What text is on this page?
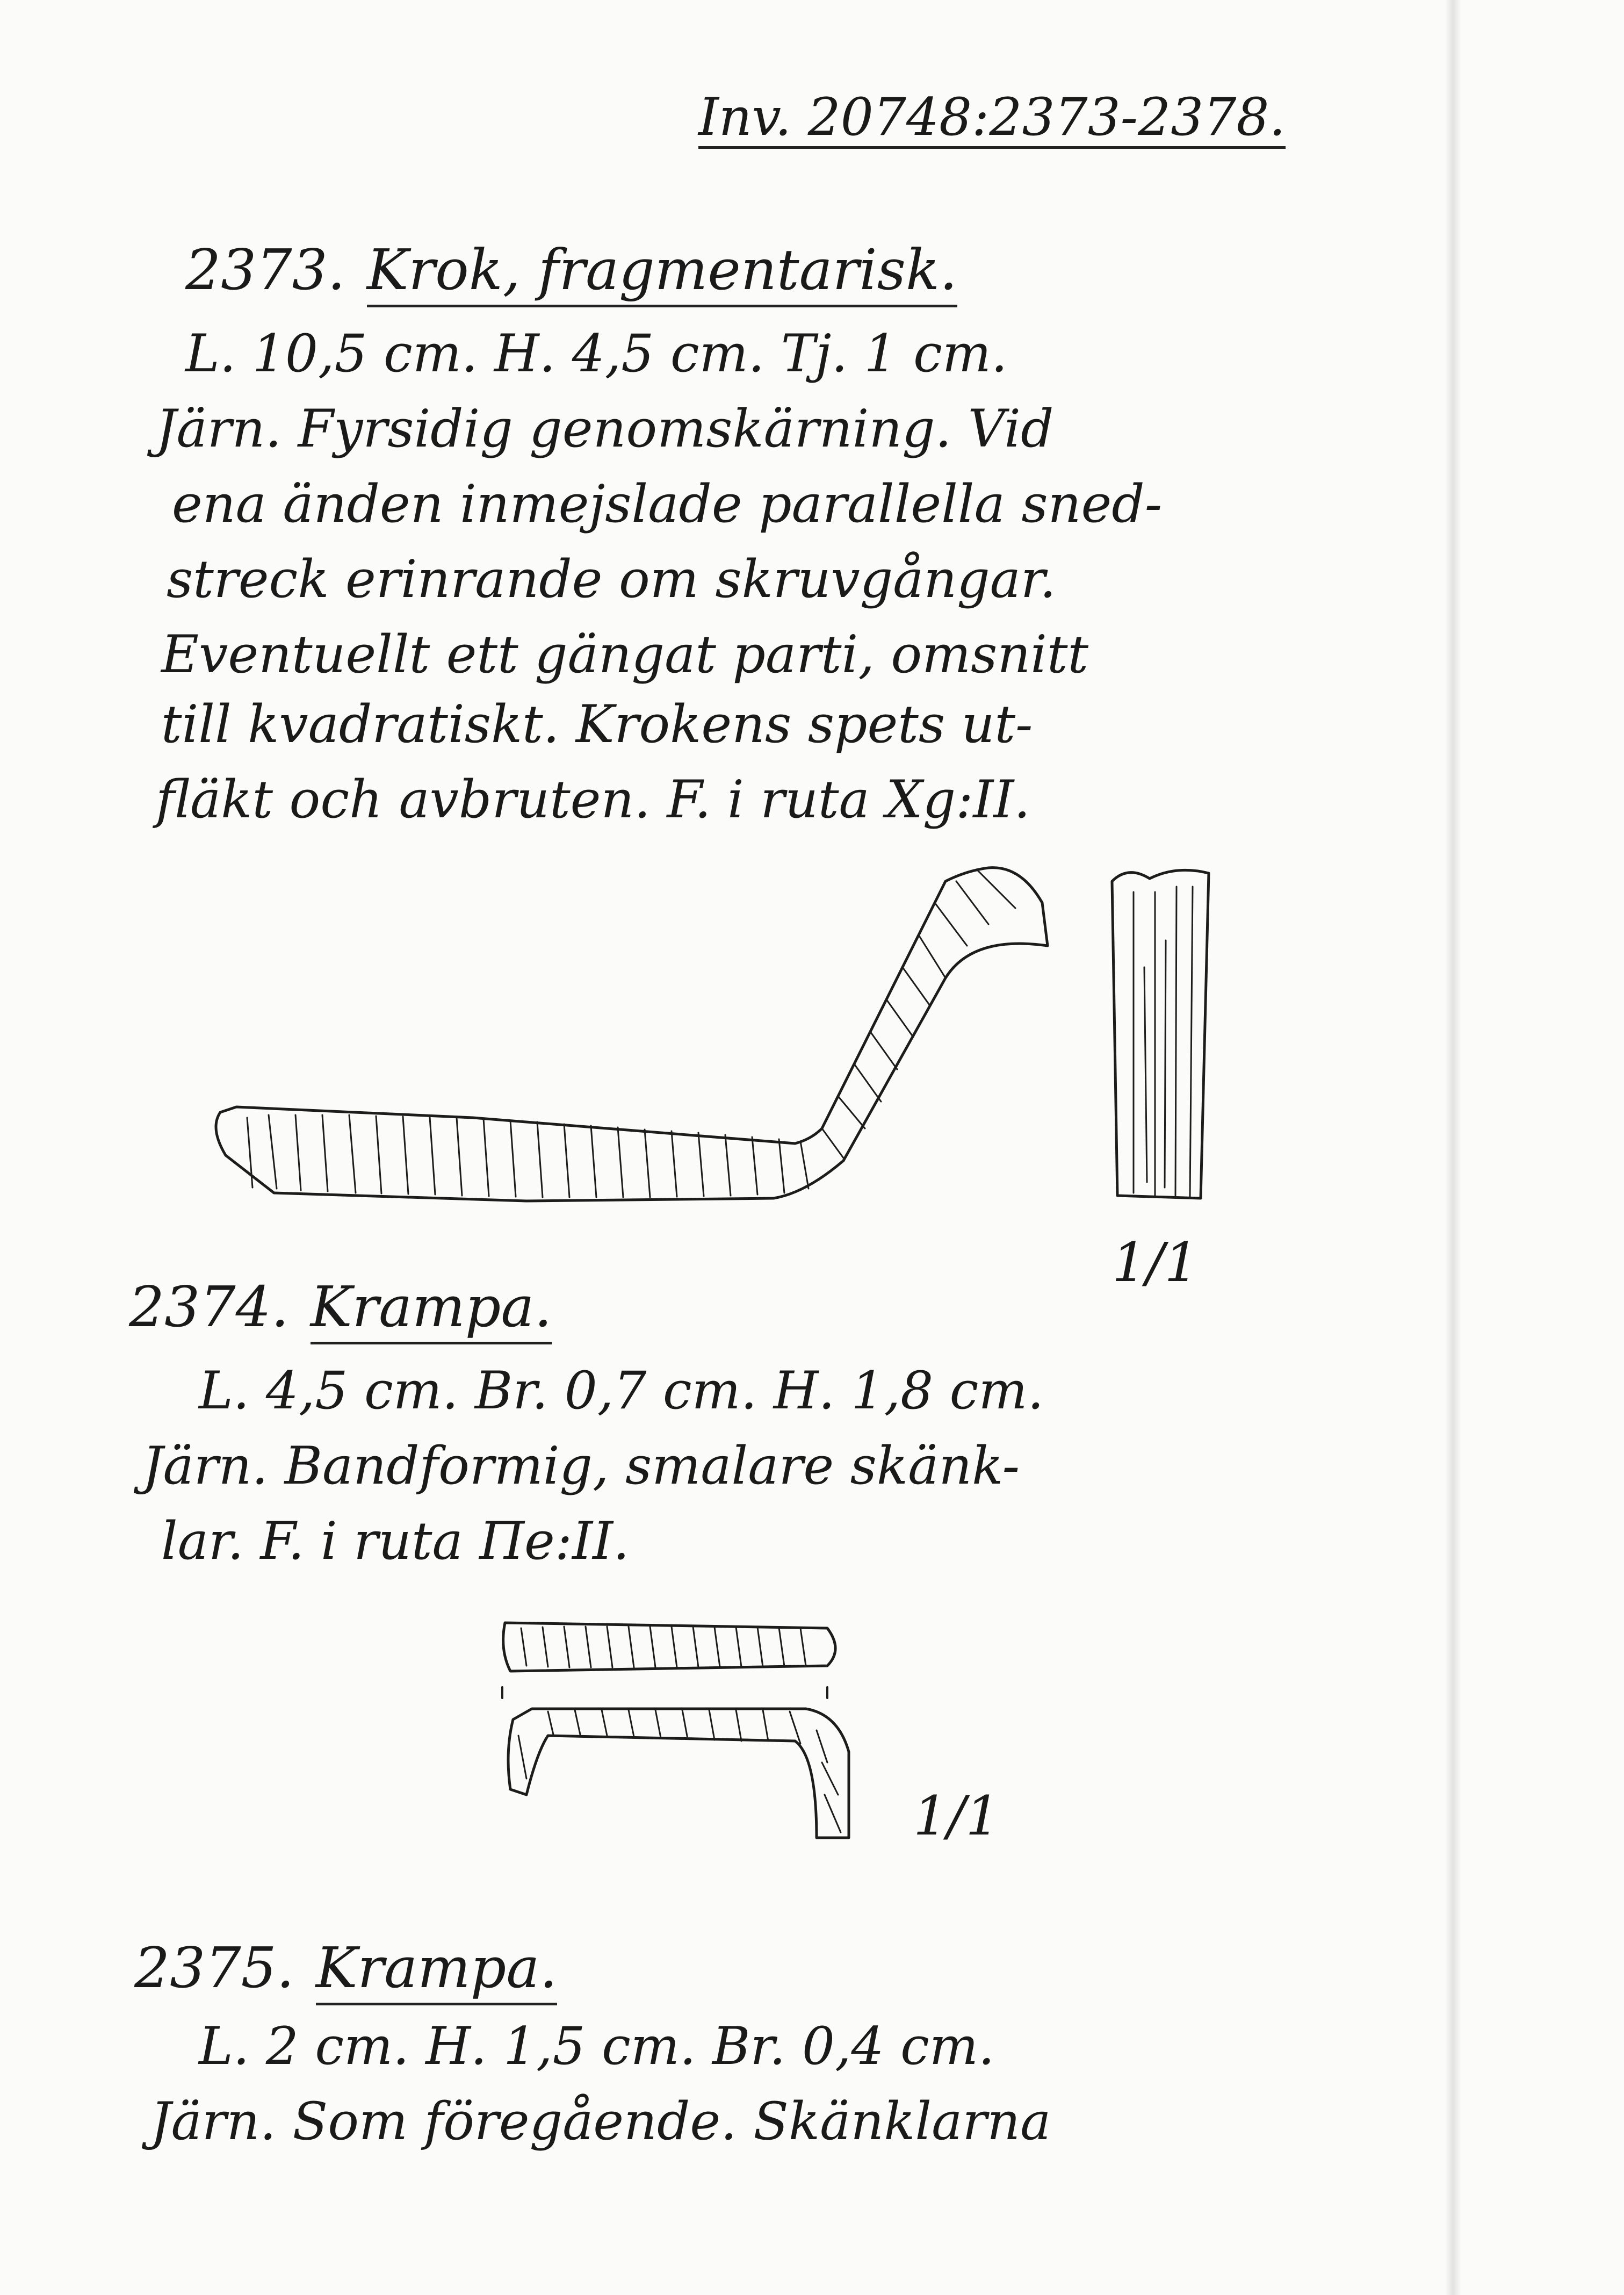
Inv. 20748:2373-2378.
2373. Krok, fragmentarisk.
L. 10,5 cm. H. 4,5 cm. Tj. 1 cm.
Järn. Fyrsidig genomskärning. Vid
ena änden inmejslade parallella sned-
streck erinrande om skruvgångar.
Eventuellt ett gängat parti, omsnitt
till kvadratiskt. Krokens spets ut-
fläkt och avbruten. F. i ruta Xg:II.
1/1
2374. Krampa.
L. 4,5 cm. Br. 0,7 cm. H. 1,8 cm.
Järn. Bandformig, smalare skänk-
lar. F. i ruta Πe:II.
1/1
2375. Krampa.
L. 2 cm. H. 1,5 cm. Br. 0,4 cm.
Järn. Som föregående. Skänklarna
